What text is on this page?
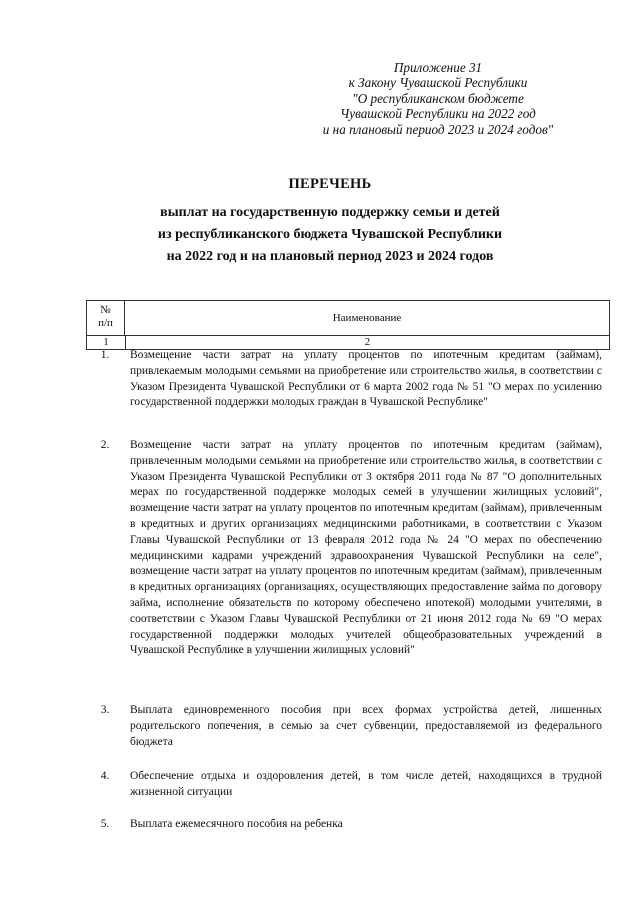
Приложение 31
к Закону Чувашской Республики
"О республиканском бюджете
Чувашской Республики на 2022 год
и на плановый период 2023 и 2024 годов"
ПЕРЕЧЕНЬ
выплат на государственную поддержку семьи и детей
из республиканского бюджета Чувашской Республики
на 2022 год и на плановый период 2023 и 2024 годов
№
п/п	Наименование
1	2
1.	Возмещение части затрат на уплату процентов по ипотечным кредитам (займам), привлекаемым молодыми семьями на приобретение или строительство жилья, в соответствии с Указом Президента Чувашской Республики от 6 марта 2002 года № 51 "О мерах по усилению государственной поддержки молодых граждан в Чувашской Республике"
2.	Возмещение части затрат на уплату процентов по ипотечным кредитам (займам), привлеченным молодыми семьями на приобретение или строительство жилья, в соответствии с Указом Президента Чувашской Республики от 3 октября 2011 года № 87 "О дополнительных мерах по государственной поддержке молодых семей в улучшении жилищных условий", возмещение части затрат на уплату процентов по ипотечным кредитам (займам), привлеченным в кредитных и других организациях медицинскими работниками, в соответствии с Указом Главы Чувашской Республики от 13 февраля 2012 года № 24 "О мерах по обеспечению медицинскими кадрами учреждений здравоохранения Чувашской Республики на селе", возмещение части затрат на уплату процентов по ипотечным кредитам (займам), привлеченным в кредитных организациях (организациях, осуществляющих предоставление займа по договору займа, исполнение обязательств по которому обеспечено ипотекой) молодыми учителями, в соответствии с Указом Главы Чувашской Республики от 21 июня 2012 года № 69 "О мерах государственной поддержки молодых учителей общеобразовательных учреждений в Чувашской Республике в улучшении жилищных условий"
3.	Выплата единовременного пособия при всех формах устройства детей, лишенных родительского попечения, в семью за счет субвенции, предоставляемой из федерального бюджета
4.	Обеспечение отдыха и оздоровления детей, в том числе детей, находящихся в трудной жизненной ситуации
5.	Выплата ежемесячного пособия на ребенка
